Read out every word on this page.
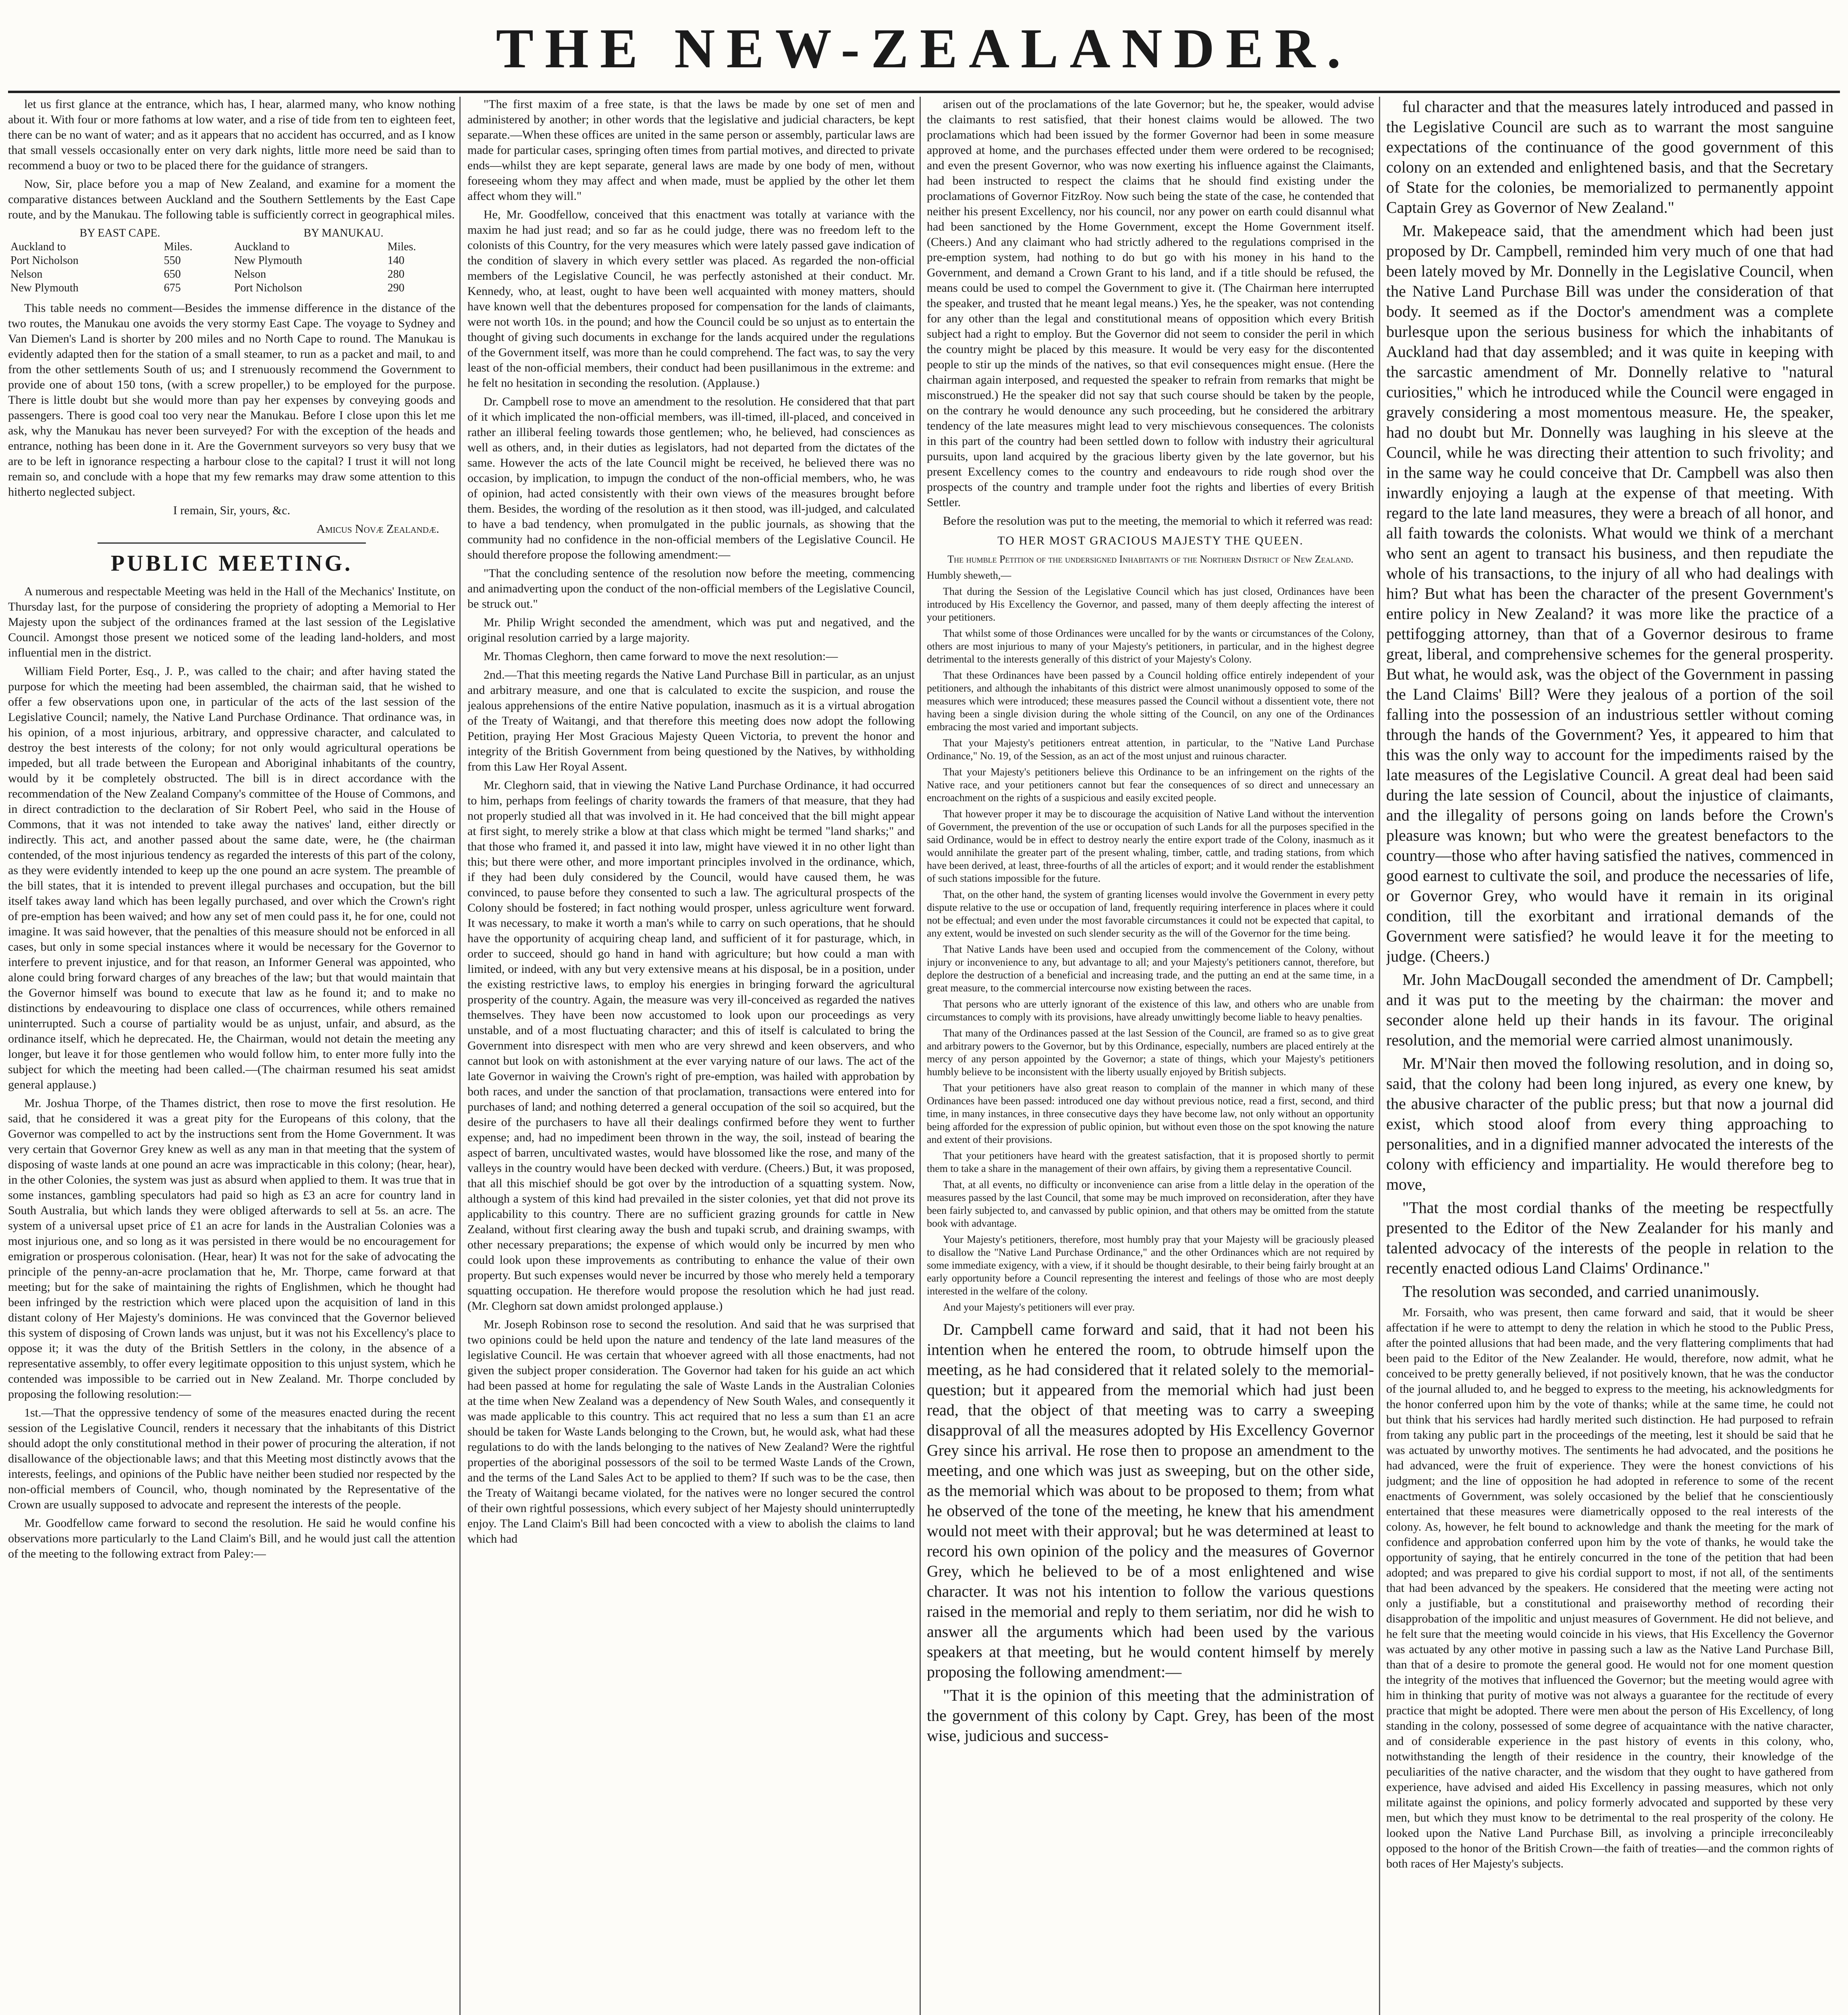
THE NEW-ZEALANDER.

let us first glance at the entrance, which has, I hear, alarmed many, who know nothing about it. With four or more fathoms at low water, and a rise of tide from ten to eighteen feet, there can be no want of water; and as it appears that no accident has occurred, and as I know that small vessels occasionally enter on very dark nights, little more need be said than to recommend a buoy or two to be placed there for the guidance of strangers.

Now, Sir, place before you a map of New Zealand, and examine for a moment the comparative distances between Auckland and the Southern Settlements by the East Cape route, and by the Manukau. The following table is sufficiently correct in geographical miles.

BY EAST CAPE.		BY MANUKAU.	
Auckland to	Miles.	Auckland to	Miles.
Port Nicholson	550	New Plymouth	140
Nelson	650	Nelson	280
New Plymouth	675	Port Nicholson	290

This table needs no comment—Besides the immense difference in the distance of the two routes, the Manukau one avoids the very stormy East Cape. The voyage to Sydney and Van Diemen's Land is shorter by 200 miles and no North Cape to round. The Manukau is evidently adapted then for the station of a small steamer, to run as a packet and mail, to and from the other settlements South of us; and I strenuously recommend the Government to provide one of about 150 tons, (with a screw propeller,) to be employed for the purpose. There is little doubt but she would more than pay her expenses by conveying goods and passengers. There is good coal too very near the Manukau. Before I close upon this let me ask, why the Manukau has never been surveyed? For with the exception of the heads and entrance, nothing has been done in it. Are the Government surveyors so very busy that we are to be left in ignorance respecting a harbour close to the capital? I trust it will not long remain so, and conclude with a hope that my few remarks may draw some attention to this hitherto neglected subject.

I remain, Sir, yours, &c.

Amicus Novæ Zealandæ.

PUBLIC MEETING.

A numerous and respectable Meeting was held in the Hall of the Mechanics' Institute, on Thursday last, for the purpose of considering the propriety of adopting a Memorial to Her Majesty upon the subject of the ordinances framed at the last session of the Legislative Council. Amongst those present we noticed some of the leading land-holders, and most influential men in the district.

William Field Porter, Esq., J. P., was called to the chair; and after having stated the purpose for which the meeting had been assembled, the chairman said, that he wished to offer a few observations upon one, in particular of the acts of the last session of the Legislative Council; namely, the Native Land Purchase Ordinance. That ordinance was, in his opinion, of a most injurious, arbitrary, and oppressive character, and calculated to destroy the best interests of the colony; for not only would agricultural operations be impeded, but all trade between the European and Aboriginal inhabitants of the country, would by it be completely obstructed. The bill is in direct accordance with the recommendation of the New Zealand Company's committee of the House of Commons, and in direct contradiction to the declaration of Sir Robert Peel, who said in the House of Commons, that it was not intended to take away the natives' land, either directly or indirectly. This act, and another passed about the same date, were, he (the chairman contended, of the most injurious tendency as regarded the interests of this part of the colony, as they were evidently intended to keep up the one pound an acre system. The preamble of the bill states, that it is intended to prevent illegal purchases and occupation, but the bill itself takes away land which has been legally purchased, and over which the Crown's right of pre-emption has been waived; and how any set of men could pass it, he for one, could not imagine. It was said however, that the penalties of this measure should not be enforced in all cases, but only in some special instances where it would be necessary for the Governor to interfere to prevent injustice, and for that reason, an Informer General was appointed, who alone could bring forward charges of any breaches of the law; but that would maintain that the Governor himself was bound to execute that law as he found it; and to make no distinctions by endeavouring to displace one class of occurrences, while others remained uninterrupted. Such a course of partiality would be as unjust, unfair, and absurd, as the ordinance itself, which he deprecated. He, the Chairman, would not detain the meeting any longer, but leave it for those gentlemen who would follow him, to enter more fully into the subject for which the meeting had been called.—(The chairman resumed his seat amidst general applause.)

Mr. Joshua Thorpe, of the Thames district, then rose to move the first resolution. He said, that he considered it was a great pity for the Europeans of this colony, that the Governor was compelled to act by the instructions sent from the Home Government. It was very certain that Governor Grey knew as well as any man in that meeting that the system of disposing of waste lands at one pound an acre was impracticable in this colony; (hear, hear), in the other Colonies, the system was just as absurd when applied to them. It was true that in some instances, gambling speculators had paid so high as £3 an acre for country land in South Australia, but which lands they were obliged afterwards to sell at 5s. an acre. The system of a universal upset price of £1 an acre for lands in the Australian Colonies was a most injurious one, and so long as it was persisted in there would be no encouragement for emigration or prosperous colonisation. (Hear, hear) It was not for the sake of advocating the principle of the penny-an-acre proclamation that he, Mr. Thorpe, came forward at that meeting; but for the sake of maintaining the rights of Englishmen, which he thought had been infringed by the restriction which were placed upon the acquisition of land in this distant colony of Her Majesty's dominions. He was convinced that the Governor believed this system of disposing of Crown lands was unjust, but it was not his Excellency's place to oppose it; it was the duty of the British Settlers in the colony, in the absence of a representative assembly, to offer every legitimate opposition to this unjust system, which he contended was impossible to be carried out in New Zealand. Mr. Thorpe concluded by proposing the following resolution:—

1st.—That the oppressive tendency of some of the measures enacted during the recent session of the Legislative Council, renders it necessary that the inhabitants of this District should adopt the only constitutional method in their power of procuring the alteration, if not disallowance of the objectionable laws; and that this Meeting most distinctly avows that the interests, feelings, and opinions of the Public have neither been studied nor respected by the non-official members of Council, who, though nominated by the Representative of the Crown are usually supposed to advocate and represent the interests of the people.

Mr. Goodfellow came forward to second the resolution. He said he would confine his observations more particularly to the Land Claim's Bill, and he would just call the attention of the meeting to the following extract from Paley:—

"The first maxim of a free state, is that the laws be made by one set of men and administered by another; in other words that the legislative and judicial characters, be kept separate.—When these offices are united in the same person or assembly, particular laws are made for particular cases, springing often times from partial motives, and directed to private ends—whilst they are kept separate, general laws are made by one body of men, without foreseeing whom they may affect and when made, must be applied by the other let them affect whom they will."

He, Mr. Goodfellow, conceived that this enactment was totally at variance with the maxim he had just read; and so far as he could judge, there was no freedom left to the colonists of this Country, for the very measures which were lately passed gave indication of the condition of slavery in which every settler was placed. As regarded the non-official members of the Legislative Council, he was perfectly astonished at their conduct. Mr. Kennedy, who, at least, ought to have been well acquainted with money matters, should have known well that the debentures proposed for compensation for the lands of claimants, were not worth 10s. in the pound; and how the Council could be so unjust as to entertain the thought of giving such documents in exchange for the lands acquired under the regulations of the Government itself, was more than he could comprehend. The fact was, to say the very least of the non-official members, their conduct had been pusillanimous in the extreme: and he felt no hesitation in seconding the resolution. (Applause.)

Dr. Campbell rose to move an amendment to the resolution. He considered that that part of it which implicated the non-official members, was ill-timed, ill-placed, and conceived in rather an illiberal feeling towards those gentlemen; who, he believed, had consciences as well as others, and, in their duties as legislators, had not departed from the dictates of the same. However the acts of the late Council might be received, he believed there was no occasion, by implication, to impugn the conduct of the non-official members, who, he was of opinion, had acted consistently with their own views of the measures brought before them. Besides, the wording of the resolution as it then stood, was ill-judged, and calculated to have a bad tendency, when promulgated in the public journals, as showing that the community had no confidence in the non-official members of the Legislative Council. He should therefore propose the following amendment:—

"That the concluding sentence of the resolution now before the meeting, commencing and animadverting upon the conduct of the non-official members of the Legislative Council, be struck out."

Mr. Philip Wright seconded the amendment, which was put and negatived, and the original resolution carried by a large majority.

Mr. Thomas Cleghorn, then came forward to move the next resolution:—

2nd.—That this meeting regards the Native Land Purchase Bill in particular, as an unjust and arbitrary measure, and one that is calculated to excite the suspicion, and rouse the jealous apprehensions of the entire Native population, inasmuch as it is a virtual abrogation of the Treaty of Waitangi, and that therefore this meeting does now adopt the following Petition, praying Her Most Gracious Majesty Queen Victoria, to prevent the honor and integrity of the British Government from being questioned by the Natives, by withholding from this Law Her Royal Assent.

Mr. Cleghorn said, that in viewing the Native Land Purchase Ordinance, it had occurred to him, perhaps from feelings of charity towards the framers of that measure, that they had not properly studied all that was involved in it. He had conceived that the bill might appear at first sight, to merely strike a blow at that class which might be termed "land sharks;" and that those who framed it, and passed it into law, might have viewed it in no other light than this; but there were other, and more important principles involved in the ordinance, which, if they had been duly considered by the Council, would have caused them, he was convinced, to pause before they consented to such a law. The agricultural prospects of the Colony should be fostered; in fact nothing would prosper, unless agriculture went forward. It was necessary, to make it worth a man's while to carry on such operations, that he should have the opportunity of acquiring cheap land, and sufficient of it for pasturage, which, in order to succeed, should go hand in hand with agriculture; but how could a man with limited, or indeed, with any but very extensive means at his disposal, be in a position, under the existing restrictive laws, to employ his energies in bringing forward the agricultural prosperity of the country. Again, the measure was very ill-conceived as regarded the natives themselves. They have been now accustomed to look upon our proceedings as very unstable, and of a most fluctuating character; and this of itself is calculated to bring the Government into disrespect with men who are very shrewd and keen observers, and who cannot but look on with astonishment at the ever varying nature of our laws. The act of the late Governor in waiving the Crown's right of pre-emption, was hailed with approbation by both races, and under the sanction of that proclamation, transactions were entered into for purchases of land; and nothing deterred a general occupation of the soil so acquired, but the desire of the purchasers to have all their dealings confirmed before they went to further expense; and, had no impediment been thrown in the way, the soil, instead of bearing the aspect of barren, uncultivated wastes, would have blossomed like the rose, and many of the valleys in the country would have been decked with verdure. (Cheers.) But, it was proposed, that all this mischief should be got over by the introduction of a squatting system. Now, although a system of this kind had prevailed in the sister colonies, yet that did not prove its applicability to this country. There are no sufficient grazing grounds for cattle in New Zealand, without first clearing away the bush and tupaki scrub, and draining swamps, with other necessary preparations; the expense of which would only be incurred by men who could look upon these improvements as contributing to enhance the value of their own property. But such expenses would never be incurred by those who merely held a temporary squatting occupation. He therefore would propose the resolution which he had just read. (Mr. Cleghorn sat down amidst prolonged applause.)

Mr. Joseph Robinson rose to second the resolution. And said that he was surprised that two opinions could be held upon the nature and tendency of the late land measures of the legislative Council. He was certain that whoever agreed with all those enactments, had not given the subject proper consideration. The Governor had taken for his guide an act which had been passed at home for regulating the sale of Waste Lands in the Australian Colonies at the time when New Zealand was a dependency of New South Wales, and consequently it was made applicable to this country. This act required that no less a sum than £1 an acre should be taken for Waste Lands belonging to the Crown, but, he would ask, what had these regulations to do with the lands belonging to the natives of New Zealand? Were the rightful properties of the aboriginal possessors of the soil to be termed Waste Lands of the Crown, and the terms of the Land Sales Act to be applied to them? If such was to be the case, then the Treaty of Waitangi became violated, for the natives were no longer secured the control of their own rightful possessions, which every subject of her Majesty should uninterruptedly enjoy. The Land Claim's Bill had been concocted with a view to abolish the claims to land which had

arisen out of the proclamations of the late Governor; but he, the speaker, would advise the claimants to rest satisfied, that their honest claims would be allowed. The two proclamations which had been issued by the former Governor had been in some measure approved at home, and the purchases effected under them were ordered to be recognised; and even the present Governor, who was now exerting his influence against the Claimants, had been instructed to respect the claims that he should find existing under the proclamations of Governor FitzRoy. Now such being the state of the case, he contended that neither his present Excellency, nor his council, nor any power on earth could disannul what had been sanctioned by the Home Government, except the Home Government itself. (Cheers.) And any claimant who had strictly adhered to the regulations comprised in the pre-emption system, had nothing to do but go with his money in his hand to the Government, and demand a Crown Grant to his land, and if a title should be refused, the means could be used to compel the Government to give it. (The Chairman here interrupted the speaker, and trusted that he meant legal means.) Yes, he the speaker, was not contending for any other than the legal and constitutional means of opposition which every British subject had a right to employ. But the Governor did not seem to consider the peril in which the country might be placed by this measure. It would be very easy for the discontented people to stir up the minds of the natives, so that evil consequences might ensue. (Here the chairman again interposed, and requested the speaker to refrain from remarks that might be misconstrued.) He the speaker did not say that such course should be taken by the people, on the contrary he would denounce any such proceeding, but he considered the arbitrary tendency of the late measures might lead to very mischievous consequences. The colonists in this part of the country had been settled down to follow with industry their agricultural pursuits, upon land acquired by the gracious liberty given by the late governor, but his present Excellency comes to the country and endeavours to ride rough shod over the prospects of the country and trample under foot the rights and liberties of every British Settler.

Before the resolution was put to the meeting, the memorial to which it referred was read:

TO HER MOST GRACIOUS MAJESTY THE QUEEN.

The humble Petition of the undersigned Inhabitants of the Northern District of New Zealand.

Humbly sheweth,—

That during the Session of the Legislative Council which has just closed, Ordinances have been introduced by His Excellency the Governor, and passed, many of them deeply affecting the interest of your petitioners.

That whilst some of those Ordinances were uncalled for by the wants or circumstances of the Colony, others are most injurious to many of your Majesty's petitioners, in particular, and in the highest degree detrimental to the interests generally of this district of your Majesty's Colony.

That these Ordinances have been passed by a Council holding office entirely independent of your petitioners, and although the inhabitants of this district were almost unanimously opposed to some of the measures which were introduced; these measures passed the Council without a dissentient vote, there not having been a single division during the whole sitting of the Council, on any one of the Ordinances embracing the most varied and important subjects.

That your Majesty's petitioners entreat attention, in particular, to the "Native Land Purchase Ordinance," No. 19, of the Session, as an act of the most unjust and ruinous character.

That your Majesty's petitioners believe this Ordinance to be an infringement on the rights of the Native race, and your petitioners cannot but fear the consequences of so direct and unnecessary an encroachment on the rights of a suspicious and easily excited people.

That however proper it may be to discourage the acquisition of Native Land without the intervention of Government, the prevention of the use or occupation of such Lands for all the purposes specified in the said Ordinance, would be in effect to destroy nearly the entire export trade of the Colony, inasmuch as it would annihilate the greater part of the present whaling, timber, cattle, and trading stations, from which have been derived, at least, three-fourths of all the articles of export; and it would render the establishment of such stations impossible for the future.

That, on the other hand, the system of granting licenses would involve the Government in every petty dispute relative to the use or occupation of land, frequently requiring interference in places where it could not be effectual; and even under the most favorable circumstances it could not be expected that capital, to any extent, would be invested on such slender security as the will of the Governor for the time being.

That Native Lands have been used and occupied from the commencement of the Colony, without injury or inconvenience to any, but advantage to all; and your Majesty's petitioners cannot, therefore, but deplore the destruction of a beneficial and increasing trade, and the putting an end at the same time, in a great measure, to the commercial intercourse now existing between the races.

That persons who are utterly ignorant of the existence of this law, and others who are unable from circumstances to comply with its provisions, have already unwittingly become liable to heavy penalties.

That many of the Ordinances passed at the last Session of the Council, are framed so as to give great and arbitrary powers to the Governor, but by this Ordinance, especially, numbers are placed entirely at the mercy of any person appointed by the Governor; a state of things, which your Majesty's petitioners humbly believe to be inconsistent with the liberty usually enjoyed by British subjects.

That your petitioners have also great reason to complain of the manner in which many of these Ordinances have been passed: introduced one day without previous notice, read a first, second, and third time, in many instances, in three consecutive days they have become law, not only without an opportunity being afforded for the expression of public opinion, but without even those on the spot knowing the nature and extent of their provisions.

That your petitioners have heard with the greatest satisfaction, that it is proposed shortly to permit them to take a share in the management of their own affairs, by giving them a representative Council.

That, at all events, no difficulty or inconvenience can arise from a little delay in the operation of the measures passed by the last Council, that some may be much improved on reconsideration, after they have been fairly subjected to, and canvassed by public opinion, and that others may be omitted from the statute book with advantage.

Your Majesty's petitioners, therefore, most humbly pray that your Majesty will be graciously pleased to disallow the "Native Land Purchase Ordinance," and the other Ordinances which are not required by some immediate exigency, with a view, if it should be thought desirable, to their being fairly brought at an early opportunity before a Council representing the interest and feelings of those who are most deeply interested in the welfare of the colony.

And your Majesty's petitioners will ever pray.

Dr. Campbell came forward and said, that it had not been his intention when he entered the room, to obtrude himself upon the meeting, as he had considered that it related solely to the memorial-question; but it appeared from the memorial which had just been read, that the object of that meeting was to carry a sweeping disapproval of all the measures adopted by His Excellency Governor Grey since his arrival. He rose then to propose an amendment to the meeting, and one which was just as sweeping, but on the other side, as the memorial which was about to be proposed to them; from what he observed of the tone of the meeting, he knew that his amendment would not meet with their approval; but he was determined at least to record his own opinion of the policy and the measures of Governor Grey, which he believed to be of a most enlightened and wise character. It was not his intention to follow the various questions raised in the memorial and reply to them seriatim, nor did he wish to answer all the arguments which had been used by the various speakers at that meeting, but he would content himself by merely proposing the following amendment:—

"That it is the opinion of this meeting that the administration of the government of this colony by Capt. Grey, has been of the most wise, judicious and success-

ful character and that the measures lately introduced and passed in the Legislative Council are such as to warrant the most sanguine expectations of the continuance of the good government of this colony on an extended and enlightened basis, and that the Secretary of State for the colonies, be memorialized to permanently appoint Captain Grey as Governor of New Zealand."

Mr. Makepeace said, that the amendment which had been just proposed by Dr. Campbell, reminded him very much of one that had been lately moved by Mr. Donnelly in the Legislative Council, when the Native Land Purchase Bill was under the consideration of that body. It seemed as if the Doctor's amendment was a complete burlesque upon the serious business for which the inhabitants of Auckland had that day assembled; and it was quite in keeping with the sarcastic amendment of Mr. Donnelly relative to "natural curiosities," which he introduced while the Council were engaged in gravely considering a most momentous measure. He, the speaker, had no doubt but Mr. Donnelly was laughing in his sleeve at the Council, while he was directing their attention to such frivolity; and in the same way he could conceive that Dr. Campbell was also then inwardly enjoying a laugh at the expense of that meeting. With regard to the late land measures, they were a breach of all honor, and all faith towards the colonists. What would we think of a merchant who sent an agent to transact his business, and then repudiate the whole of his transactions, to the injury of all who had dealings with him? But what has been the character of the present Government's entire policy in New Zealand? it was more like the practice of a pettifogging attorney, than that of a Governor desirous to frame great, liberal, and comprehensive schemes for the general prosperity. But what, he would ask, was the object of the Government in passing the Land Claims' Bill? Were they jealous of a portion of the soil falling into the possession of an industrious settler without coming through the hands of the Government? Yes, it appeared to him that this was the only way to account for the impediments raised by the late measures of the Legislative Council. A great deal had been said during the late session of Council, about the injustice of claimants, and the illegality of persons going on lands before the Crown's pleasure was known; but who were the greatest benefactors to the country—those who after having satisfied the natives, commenced in good earnest to cultivate the soil, and produce the necessaries of life, or Governor Grey, who would have it remain in its original condition, till the exorbitant and irrational demands of the Government were satisfied? he would leave it for the meeting to judge. (Cheers.)

Mr. John MacDougall seconded the amendment of Dr. Campbell; and it was put to the meeting by the chairman: the mover and seconder alone held up their hands in its favour. The original resolution, and the memorial were carried almost unanimously.

Mr. M'Nair then moved the following resolution, and in doing so, said, that the colony had been long injured, as every one knew, by the abusive character of the public press; but that now a journal did exist, which stood aloof from every thing approaching to personalities, and in a dignified manner advocated the interests of the colony with efficiency and impartiality. He would therefore beg to move,

"That the most cordial thanks of the meeting be respectfully presented to the Editor of the New Zealander for his manly and talented advocacy of the interests of the people in relation to the recently enacted odious Land Claims' Ordinance."

The resolution was seconded, and carried unanimously.

Mr. Forsaith, who was present, then came forward and said, that it would be sheer affectation if he were to attempt to deny the relation in which he stood to the Public Press, after the pointed allusions that had been made, and the very flattering compliments that had been paid to the Editor of the New Zealander. He would, therefore, now admit, what he conceived to be pretty generally believed, if not positively known, that he was the conductor of the journal alluded to, and he begged to express to the meeting, his acknowledgments for the honor conferred upon him by the vote of thanks; while at the same time, he could not but think that his services had hardly merited such distinction. He had purposed to refrain from taking any public part in the proceedings of the meeting, lest it should be said that he was actuated by unworthy motives. The sentiments he had advocated, and the positions he had advanced, were the fruit of experience. They were the honest convictions of his judgment; and the line of opposition he had adopted in reference to some of the recent enactments of Government, was solely occasioned by the belief that he conscientiously entertained that these measures were diametrically opposed to the real interests of the colony. As, however, he felt bound to acknowledge and thank the meeting for the mark of confidence and approbation conferred upon him by the vote of thanks, he would take the opportunity of saying, that he entirely concurred in the tone of the petition that had been adopted; and was prepared to give his cordial support to most, if not all, of the sentiments that had been advanced by the speakers. He considered that the meeting were acting not only a justifiable, but a constitutional and praiseworthy method of recording their disapprobation of the impolitic and unjust measures of Government. He did not believe, and he felt sure that the meeting would coincide in his views, that His Excellency the Governor was actuated by any other motive in passing such a law as the Native Land Purchase Bill, than that of a desire to promote the general good. He would not for one moment question the integrity of the motives that influenced the Governor; but the meeting would agree with him in thinking that purity of motive was not always a guarantee for the rectitude of every practice that might be adopted. There were men about the person of His Excellency, of long standing in the colony, possessed of some degree of acquaintance with the native character, and of considerable experience in the past history of events in this colony, who, notwithstanding the length of their residence in the country, their knowledge of the peculiarities of the native character, and the wisdom that they ought to have gathered from experience, have advised and aided His Excellency in passing measures, which not only militate against the opinions, and policy formerly advocated and supported by these very men, but which they must know to be detrimental to the real prosperity of the colony. He looked upon the Native Land Purchase Bill, as involving a principle irreconcileably opposed to the honor of the British Crown—the faith of treaties—and the common rights of both races of Her Majesty's subjects.
